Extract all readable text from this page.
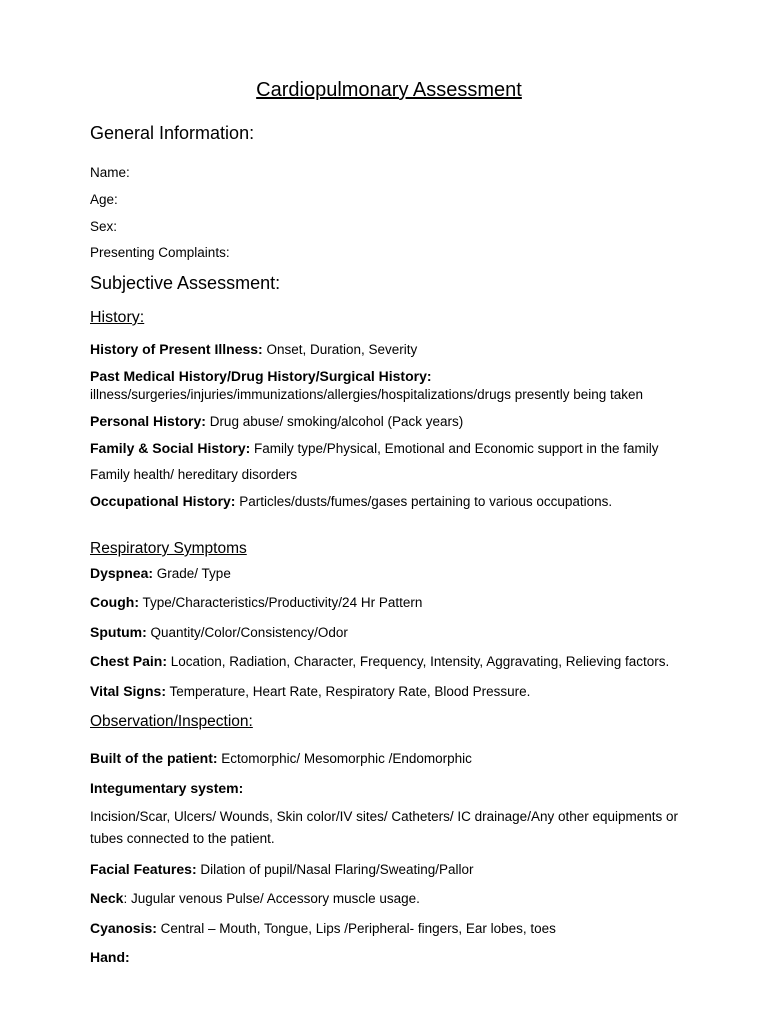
Cardiopulmonary Assessment
General Information:
Name:
Age:
Sex:
Presenting Complaints:
Subjective Assessment:
History:
History of Present Illness: Onset, Duration, Severity
Past Medical History/Drug History/Surgical History:
illness/surgeries/injuries/immunizations/allergies/hospitalizations/drugs presently being taken
Personal History: Drug abuse/ smoking/alcohol (Pack years)
Family & Social History: Family type/Physical, Emotional and Economic support in the family
Family health/ hereditary disorders
Occupational History: Particles/dusts/fumes/gases pertaining to various occupations.
Respiratory Symptoms
Dyspnea: Grade/ Type
Cough: Type/Characteristics/Productivity/24 Hr Pattern
Sputum: Quantity/Color/Consistency/Odor
Chest Pain: Location, Radiation, Character, Frequency, Intensity, Aggravating, Relieving factors.
Vital Signs: Temperature, Heart Rate, Respiratory Rate, Blood Pressure.
Observation/Inspection:
Built of the patient: Ectomorphic/ Mesomorphic /Endomorphic
Integumentary system:
Incision/Scar, Ulcers/ Wounds, Skin color/IV sites/ Catheters/ IC drainage/Any other equipments or tubes connected to the patient.
Facial Features: Dilation of pupil/Nasal Flaring/Sweating/Pallor
Neck: Jugular venous Pulse/ Accessory muscle usage.
Cyanosis: Central – Mouth, Tongue, Lips /Peripheral- fingers, Ear lobes, toes
Hand:
